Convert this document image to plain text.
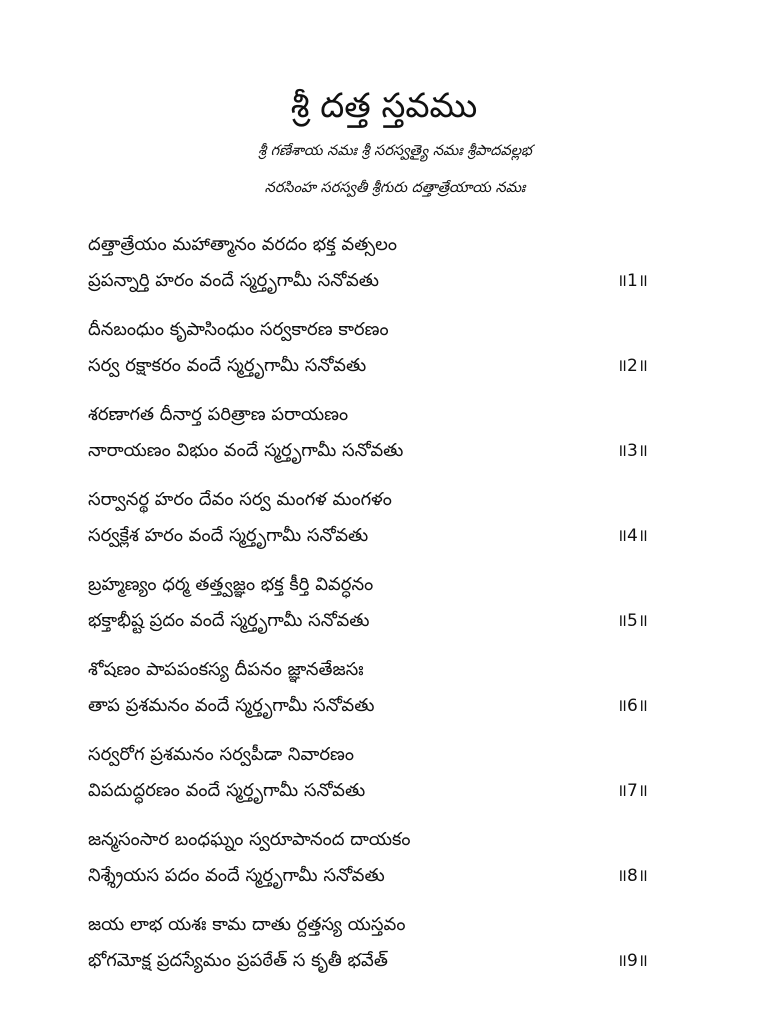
శ్రీ దత్త స్తవము
శ్రీ గణేశాయ నమః శ్రీ సరస్వత్యై నమః శ్రీపాదవల్లభ
నరసింహ సరస్వతీ శ్రీగురు దత్తాత్రేయాయ నమః
దత్తాత్రేయం మహాత్మానం వరదం భక్త వత్సలం
ప్రపన్నార్తి హరం వందే స్మర్తృగామీ సనోవతు	॥1॥
దీనబంధుం కృపాసింధుం సర్వకారణ కారణం
సర్వ రక్షాకరం వందే స్మర్తృగామీ సనోవతు	॥2॥
శరణాగత దీనార్త పరిత్రాణ పరాయణం
నారాయణం విభుం వందే స్మర్తృగామీ సనోవతు	॥3॥
సర్వానర్థ హరం దేవం సర్వ మంగళ మంగళం
సర్వక్లేశ హరం వందే స్మర్తృగామీ సనోవతు	॥4॥
బ్రహ్మణ్యం ధర్మ తత్త్వజ్ఞం భక్త కీర్తి వివర్ధనం
భక్తాభీష్ట ప్రదం వందే స్మర్తృగామీ సనోవతు	॥5॥
శోషణం పాపపంకస్య దీపనం జ్ఞానతేజసః
తాప ప్రశమనం వందే స్మర్తృగామీ సనోవతు	॥6॥
సర్వరోగ ప్రశమనం సర్వపీడా నివారణం
విపదుద్ధరణం వందే స్మర్తృగామీ సనోవతు	॥7॥
జన్మసంసార బంధఘ్నం స్వరూపానంద దాయకం
నిశ్శ్రేయస పదం వందే స్మర్తృగామీ సనోవతు	॥8॥
జయ లాభ యశః కామ దాతు ర్దత్తస్య యస్తవం
భోగమోక్ష ప్రదస్యేమం ప్రపఠేత్ స కృతీ భవేత్	॥9॥
